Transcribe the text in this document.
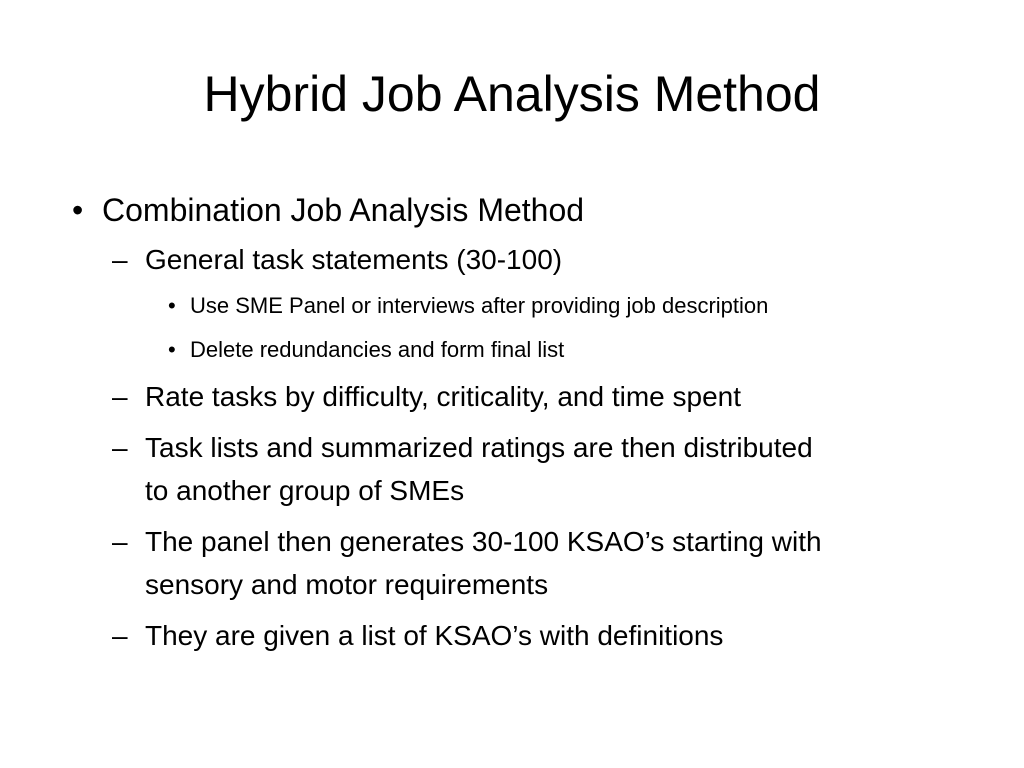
Hybrid Job Analysis Method
• Combination Job Analysis Method
– General task statements (30-100)
• Use SME Panel or interviews after providing job description
• Delete redundancies and form final list
– Rate tasks by difficulty, criticality, and time spent
– Task lists and summarized ratings are then distributed
to another group of SMEs
– The panel then generates 30-100 KSAO’s starting with
sensory and motor requirements
– They are given a list of KSAO’s with definitions
